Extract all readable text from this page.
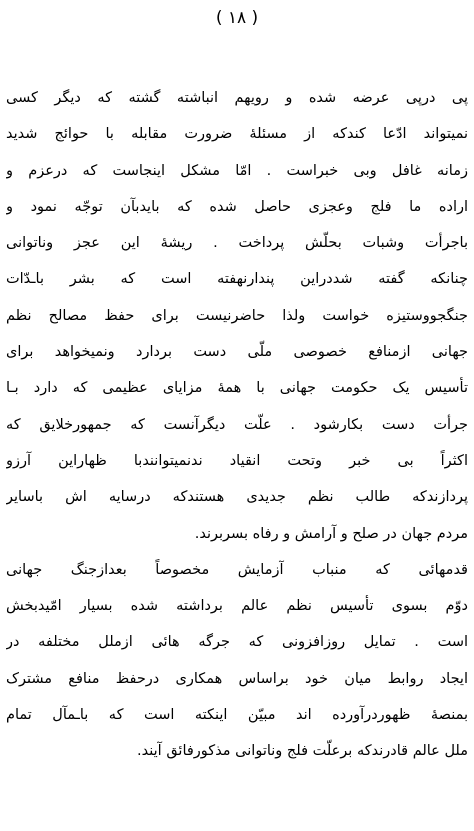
( ۱۸ )
پی درپی عرضه شده و رویهم انباشته گشته که دیگر کسی
نمیتواند ادّعا کندکه از مسئلهٔ ضرورت مقابله با حوائج شدید
زمانه غافل وبی خبراست . امّا مشکل اینجاست که درعزم و
اراده ما فلج وعجزی حاصل شده که بایدبآن توجّه نمود و
باجرأت وشبات بحلّش پرداخت . ریشهٔ این عجز وناتوانی
چنانکه گفته شددراین پندارنهفته است که بشر باـدّات
جنگجووستیزه خواست ولذا حاضرنیست برای حفظ مصالح نظم
جهانی ازمنافع خصوصی ملّی دست بردارد ونمیخواهد برای
تأسیس یک حکومت جهانی با همهٔ مزایای عظیمی که دارد بـا
جرأت دست بکارشود . علّت دیگرآنست که جمهورخلایق که
اکثراً بی خبر وتحت انقیاد ندنمیتوانندبا ظهاراین آرزو
پردازندکه طالب نظم جدیدی هستندکه درسایه اش باسایر
مردم جهان در صلح و آرامش و رفاه بسربرند.
قدمهائی که منباب آزمایش مخصوصاً بعدازجنگ جهانی
دوّم بسوی تأسیس نظم عالم برداشته شده بسیار امّیدبخش
است . تمایل روزافزونی که جرگه هائی ازملل مختلفه در
ایجاد روابط میان خود براساس همکاری درحفظ منافع مشترک
بمنصهٔ ظهوردرآورده اند مبیّن اینکته است که باـمآل تمام
ملل عالم قادرندکه برعلّت فلج وناتوانی مذکورفائق آیند.
